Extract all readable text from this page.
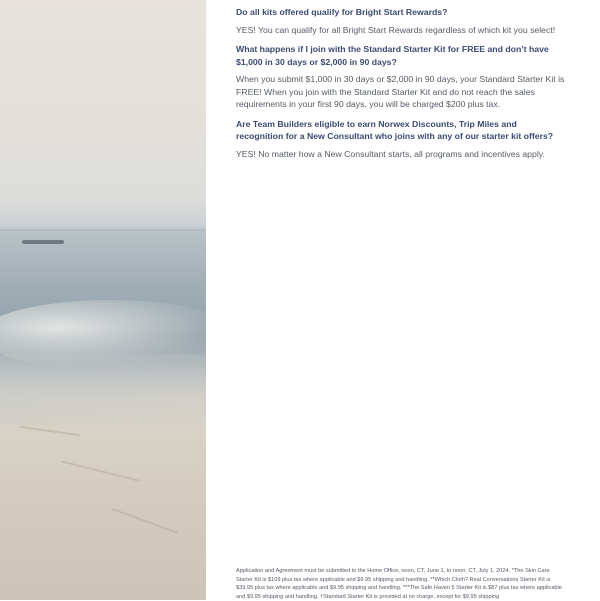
Do all kits offered qualify for Bright Start Rewards?

YES! You can qualify for all Bright Start Rewards regardless of which kit you select!

What happens if I join with the Standard Starter Kit for FREE and don’t have $1,000 in 30 days or $2,000 in 90 days?

When you submit $1,000 in 30 days or $2,000 in 90 days, your Standard Starter Kit is FREE! When you join with the Standard Starter Kit and do not reach the sales requirements in your first 90 days, you will be charged $200 plus tax.

Are Team Builders eligible to earn Norwex Discounts, Trip Miles and recognition for a New Consultant who joins with any of our starter kit offers?

YES! No matter how a New Consultant starts, all programs and incentives apply.

Application and Agreement must be submitted to the Home Office, noon, CT, June 1, to noon, CT, July 1, 2024. *The Skin Care Starter Kit is $109 plus tax where applicable and $9.95 shipping and handling. **Which Cloth? Real Conversations Starter Kit is $39.95 plus tax where applicable and $9.95 shipping and handling. ***The Safe Haven 5 Starter Kit is $87 plus tax where applicable and $9.95 shipping and handling. †Standard Starter Kit is provided at no charge, except for $9.95 shipping
